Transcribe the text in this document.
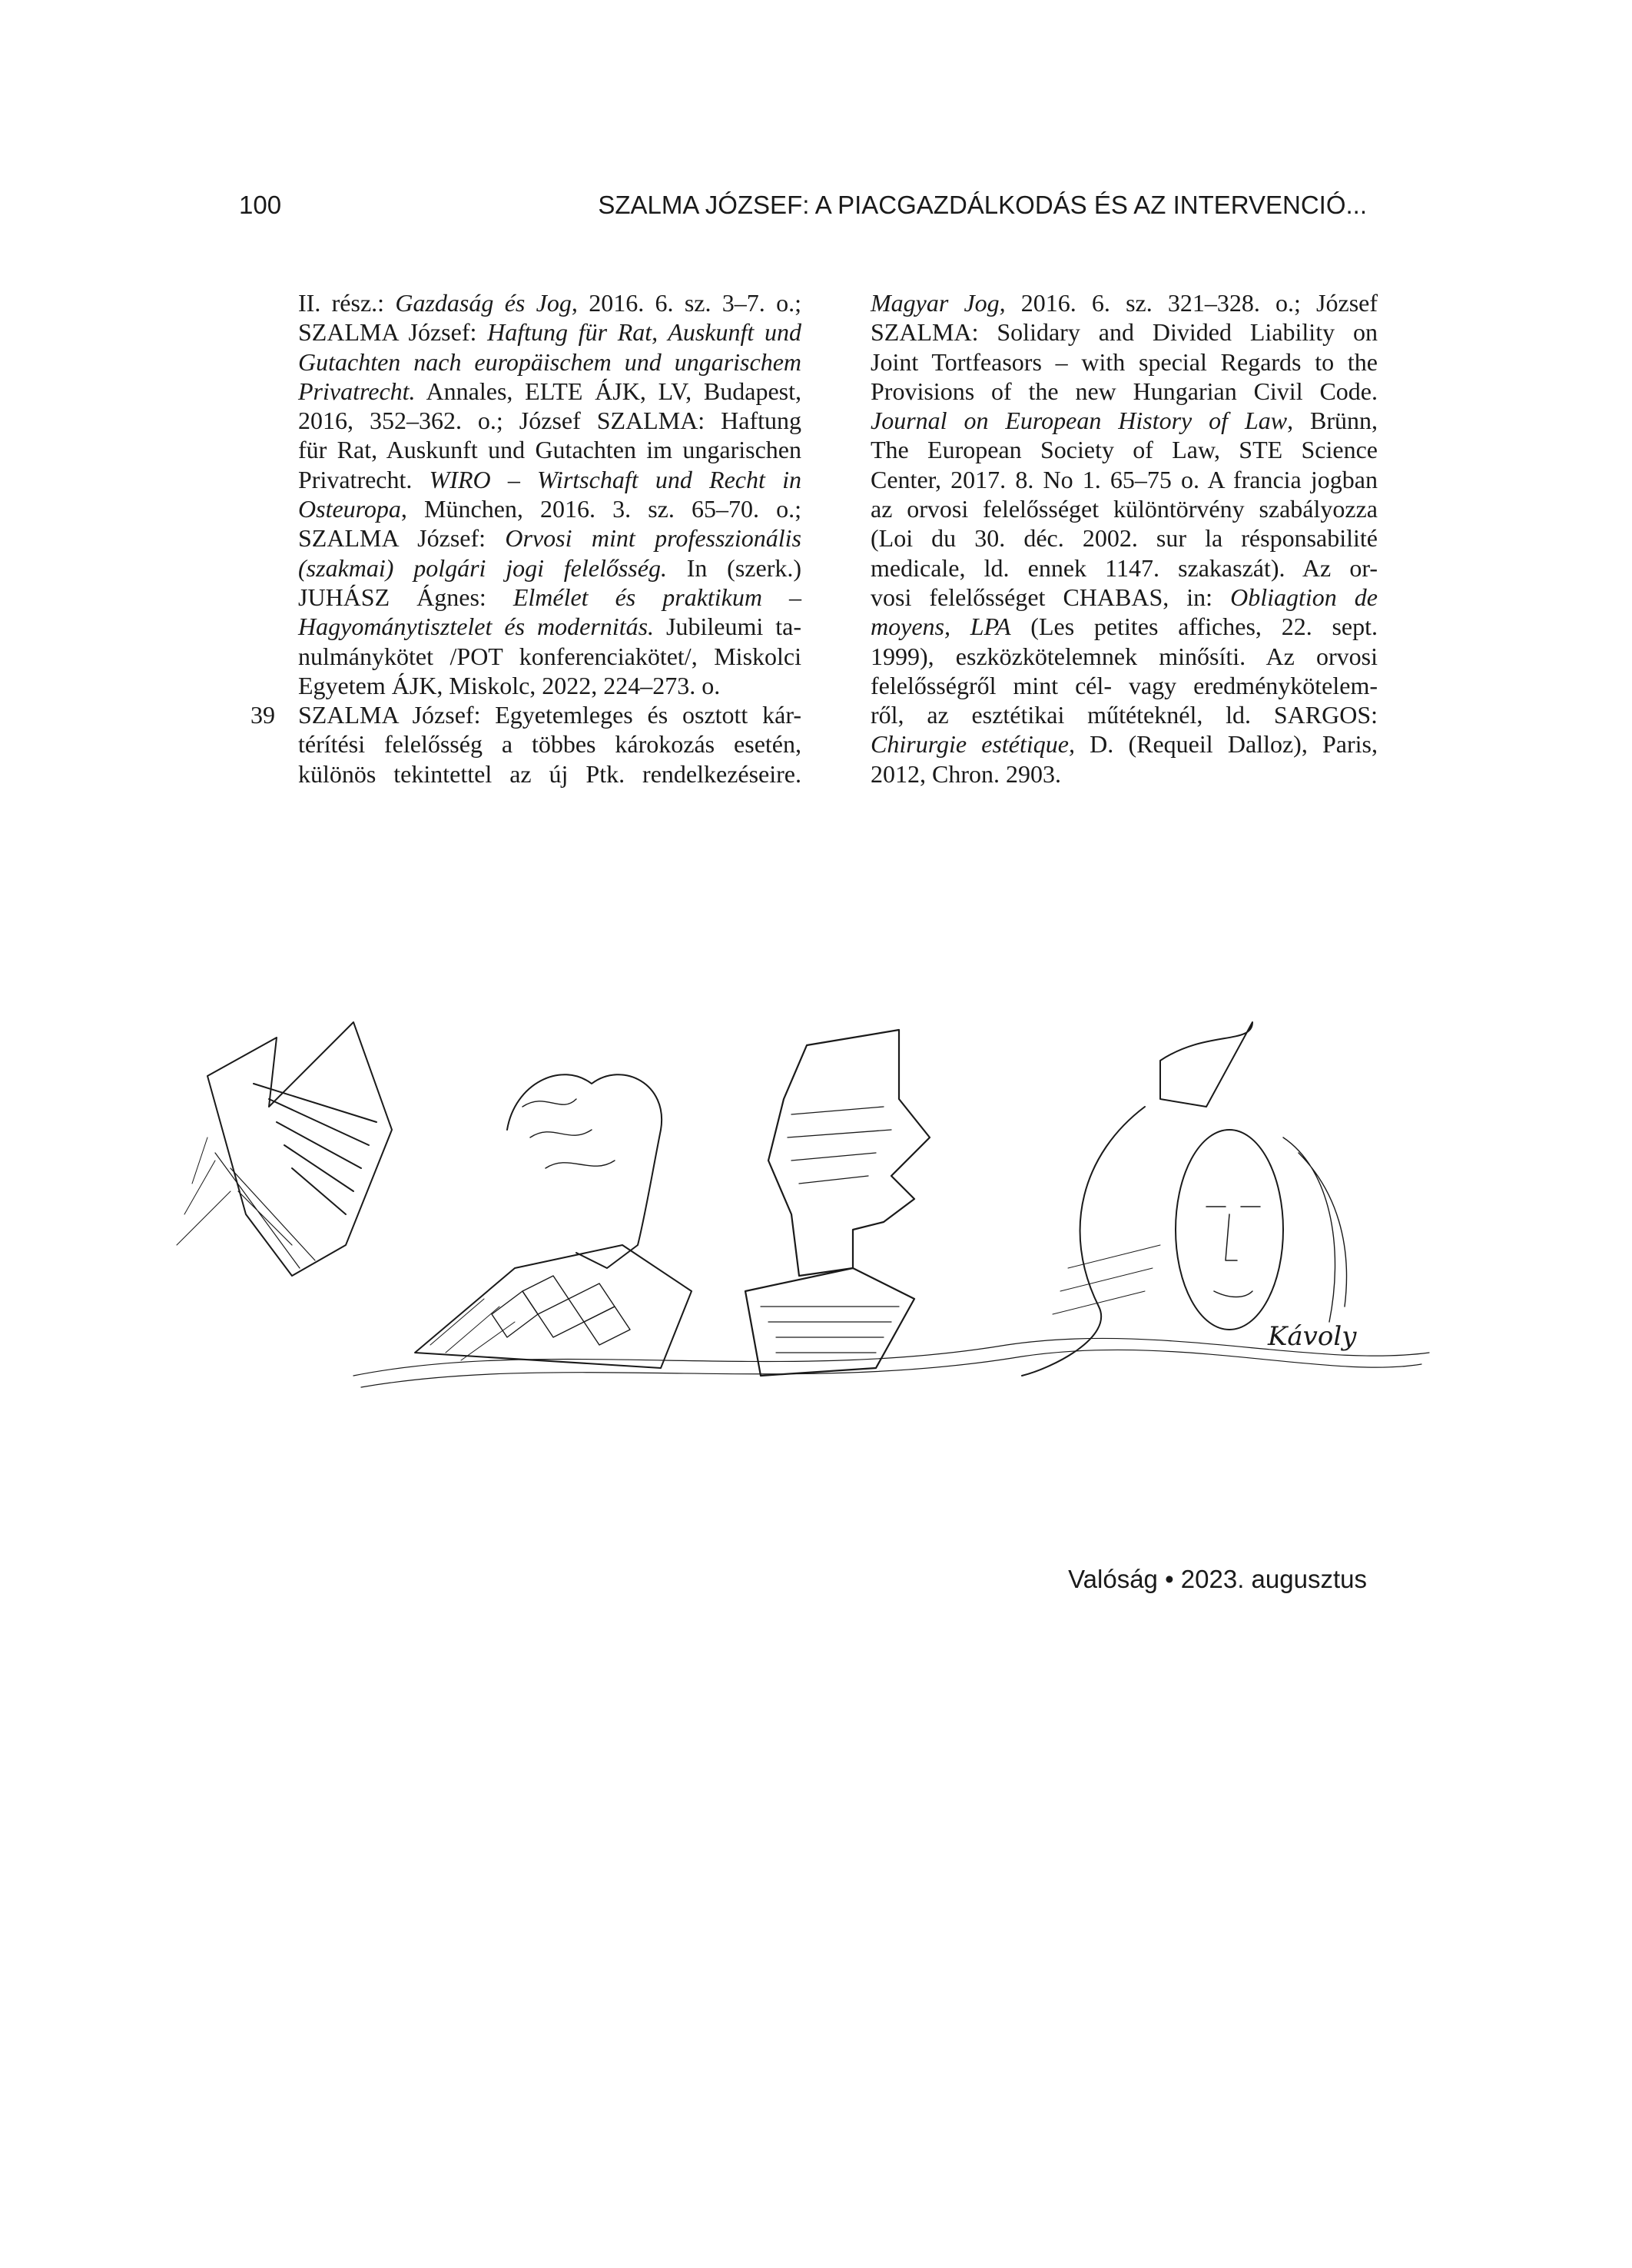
100	SZALMA JÓZSEF: A PIACGAZDÁLKODÁS ÉS AZ INTERVENCIÓ...
II. rész.: Gazdaság és Jog, 2016. 6. sz. 3–7. o.;
SZALMA József: Haftung für Rat, Auskunft und
Gutachten nach europäischem und ungarischem
Privatrecht. Annales, ELTE ÁJK, LV, Budapest,
2016, 352–362. o.; József SZALMA: Haftung
für Rat, Auskunft und Gutachten im ungarischen
Privatrecht. WIRO – Wirtschaft und Recht in
Osteuropa, München, 2016. 3. sz. 65–70. o.;
SZALMA József: Orvosi mint professzionális
(szakmai) polgári jogi felelősség. In (szerk.)
JUHÁSZ Ágnes: Elmélet és praktikum –
Hagyománytisztelet és modernitás. Jubileumi ta-
nulmánykötet /POT konferenciakötet/, Miskolci
Egyetem ÁJK, Miskolc, 2022, 224–273. o.
39 SZALMA József: Egyetemleges és osztott kár-
térítési felelősség a többes károkozás esetén,
különös tekintettel az új Ptk. rendelkezéseire.
Magyar Jog, 2016. 6. sz. 321–328. o.; József
SZALMA: Solidary and Divided Liability on
Joint Tortfeasors – with special Regards to the
Provisions of the new Hungarian Civil Code.
Journal on European History of Law, Brünn,
The European Society of Law, STE Science
Center, 2017. 8. No 1. 65–75 o. A francia jogban
az orvosi felelősséget különtörvény szabályozza
(Loi du 30. déc. 2002. sur la résponsabilité
medicale, ld. ennek 1147. szakaszát). Az or-
vosi felelősséget CHABAS, in: Obliagtion de
moyens, LPA (Les petites affiches, 22. sept.
1999), eszközkötelemnek minősíti. Az orvosi
felelősségről mint cél- vagy eredménykötelem-
ről, az esztétikai műtéteknél, ld. SARGOS:
Chirurgie estétique, D. (Requeil Dalloz), Paris,
2012, Chron. 2903.
Kávoly
Valóság • 2023. augusztus
